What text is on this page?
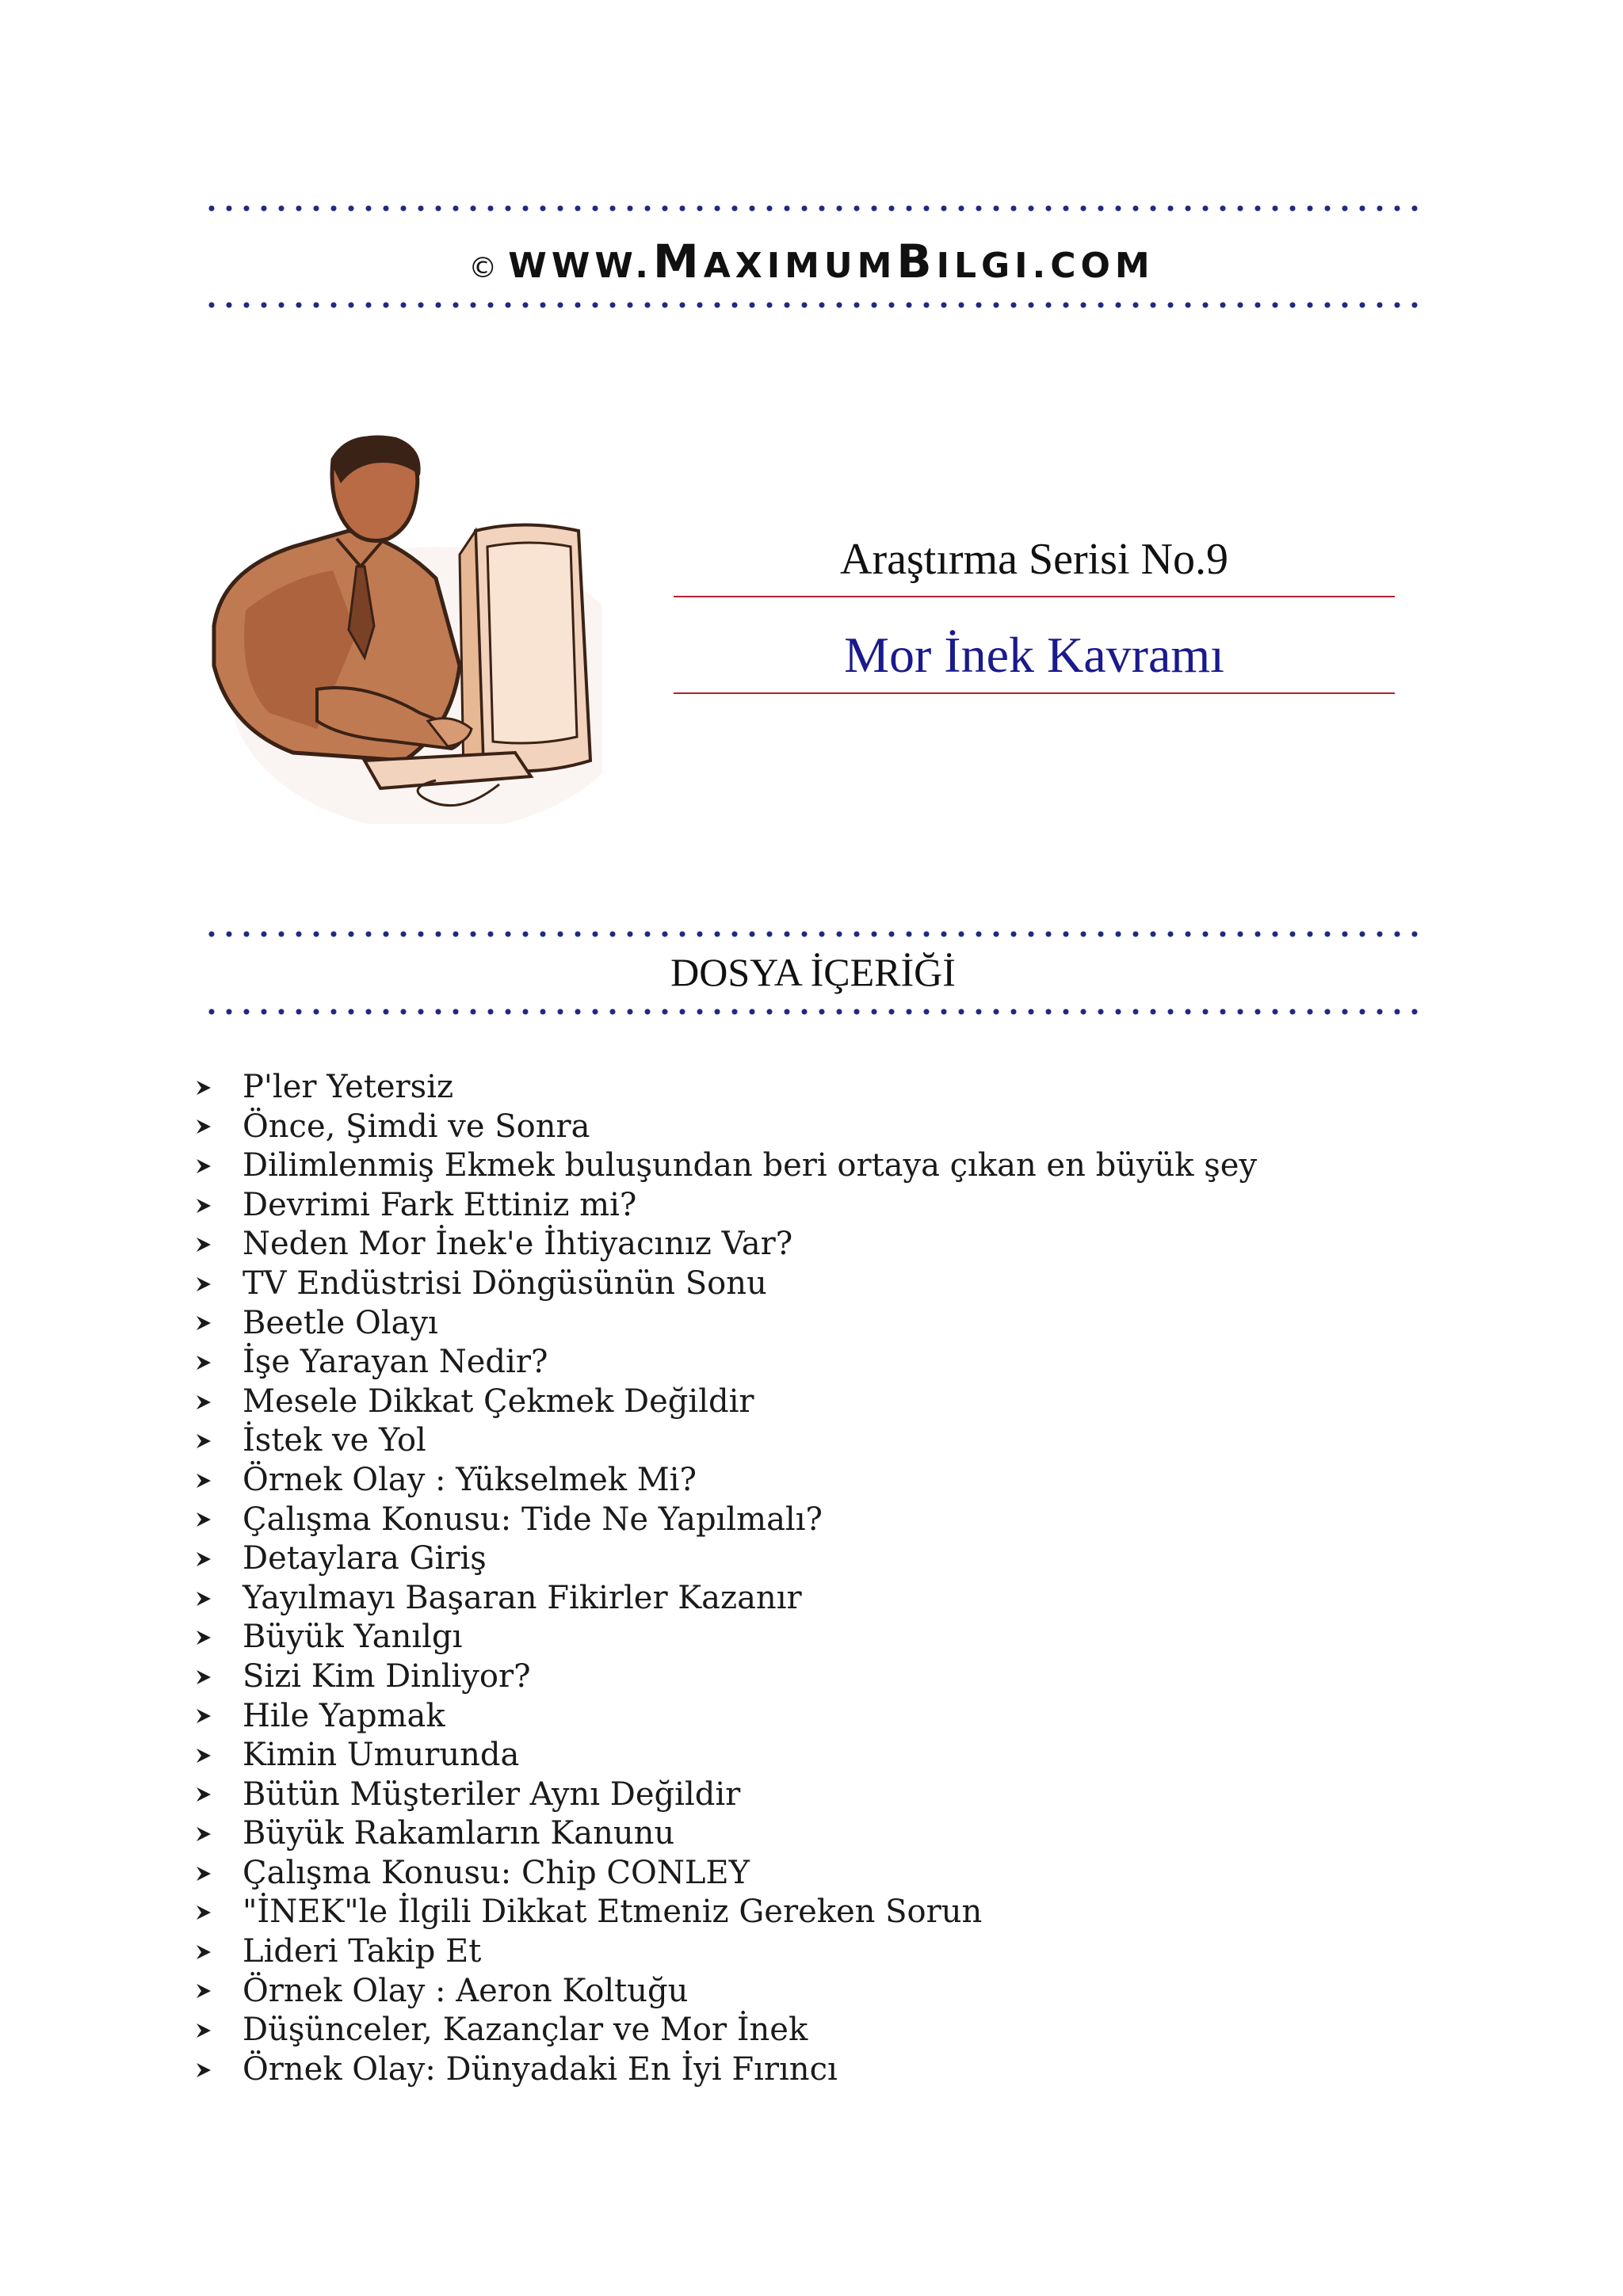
© WWW.MAXIMUMBILGI.COM
Araştırma Serisi No.9
Mor İnek Kavramı
DOSYA İÇERİĞİ
P'ler Yetersiz
Önce, Şimdi ve Sonra
Dilimlenmiş Ekmek buluşundan beri ortaya çıkan en büyük şey
Devrimi Fark Ettiniz mi?
Neden Mor İnek'e İhtiyacınız Var?
TV Endüstrisi Döngüsünün Sonu
Beetle Olayı
İşe Yarayan Nedir?
Mesele Dikkat Çekmek Değildir
İstek ve Yol
Örnek Olay : Yükselmek Mi?
Çalışma Konusu: Tide Ne Yapılmalı?
Detaylara Giriş
Yayılmayı Başaran Fikirler Kazanır
Büyük Yanılgı
Sizi Kim Dinliyor?
Hile Yapmak
Kimin Umurunda
Bütün Müşteriler Aynı Değildir
Büyük Rakamların Kanunu
Çalışma Konusu: Chip CONLEY
"İNEK"le İlgili Dikkat Etmeniz Gereken Sorun
Lideri Takip Et
Örnek Olay : Aeron Koltuğu
Düşünceler, Kazançlar ve Mor İnek
Örnek Olay: Dünyadaki En İyi Fırıncı
